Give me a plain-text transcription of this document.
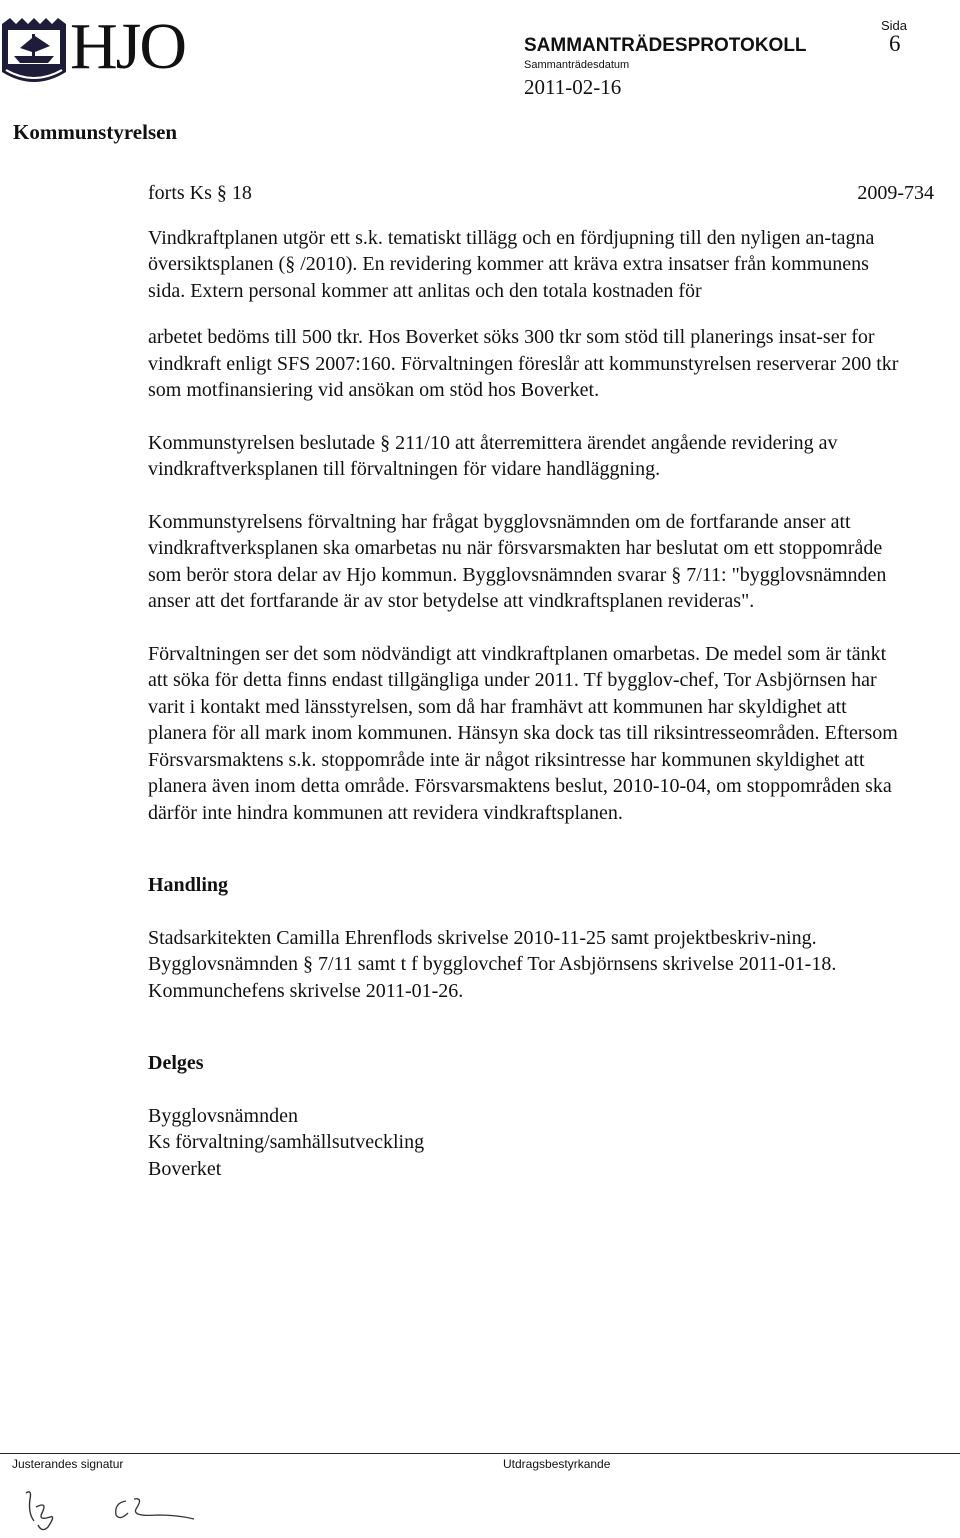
HJO	SAMMANTRÄDESPROTOKOLL
Sammanträdesdatum
2011-02-16
Sida
6
Kommunstyrelsen

forts Ks § 18	2009-734

Vindkraftplanen utgör ett s.k. tematiskt tillägg och en fördjupning till den nyligen an-tagna översiktsplanen (§ /2010). En revidering kommer att kräva extra insatser från kommunens sida. Extern personal kommer att anlitas och den totala kostnaden för

arbetet bedöms till 500 tkr. Hos Boverket söks 300 tkr som stöd till planerings insat-ser for vindkraft enligt SFS 2007:160. Förvaltningen föreslår att kommunstyrelsen reserverar 200 tkr som motfinansiering vid ansökan om stöd hos Boverket.

Kommunstyrelsen beslutade § 211/10 att återremittera ärendet angående revidering av vindkraftverksplanen till förvaltningen för vidare handläggning.

Kommunstyrelsens förvaltning har frågat bygglovsnämnden om de fortfarande anser att vindkraftverksplanen ska omarbetas nu när försvarsmakten har beslutat om ett stoppområde som berör stora delar av Hjo kommun. Bygglovsnämnden svarar § 7/11: "bygglovsnämnden anser att det fortfarande är av stor betydelse att vindkraftsplanen revideras".

Förvaltningen ser det som nödvändigt att vindkraftplanen omarbetas. De medel som är tänkt att söka för detta finns endast tillgängliga under 2011. Tf bygglov-chef, Tor Asbjörnsen har varit i kontakt med länsstyrelsen, som då har framhävt att kommunen har skyldighet att planera för all mark inom kommunen. Hänsyn ska dock tas till riksintresseområden. Eftersom Försvarsmaktens s.k. stoppområde inte är något riksintresse har kommunen skyldighet att planera även inom detta område. Försvarsmaktens beslut, 2010-10-04, om stoppområden ska därför inte hindra kommunen att revidera vindkraftsplanen.

Handling

Stadsarkitekten Camilla Ehrenflods skrivelse 2010-11-25 samt projektbeskriv-ning.

Bygglovsnämnden § 7/11 samt t f bygglovchef Tor Asbjörnsens skrivelse 2011-01-18.

Kommunchefens skrivelse 2011-01-26.

Delges

Bygglovsnämnden
Ks förvaltning/samhällsutveckling
Boverket
Justerandes signatur	Utdragsbestyrkande
